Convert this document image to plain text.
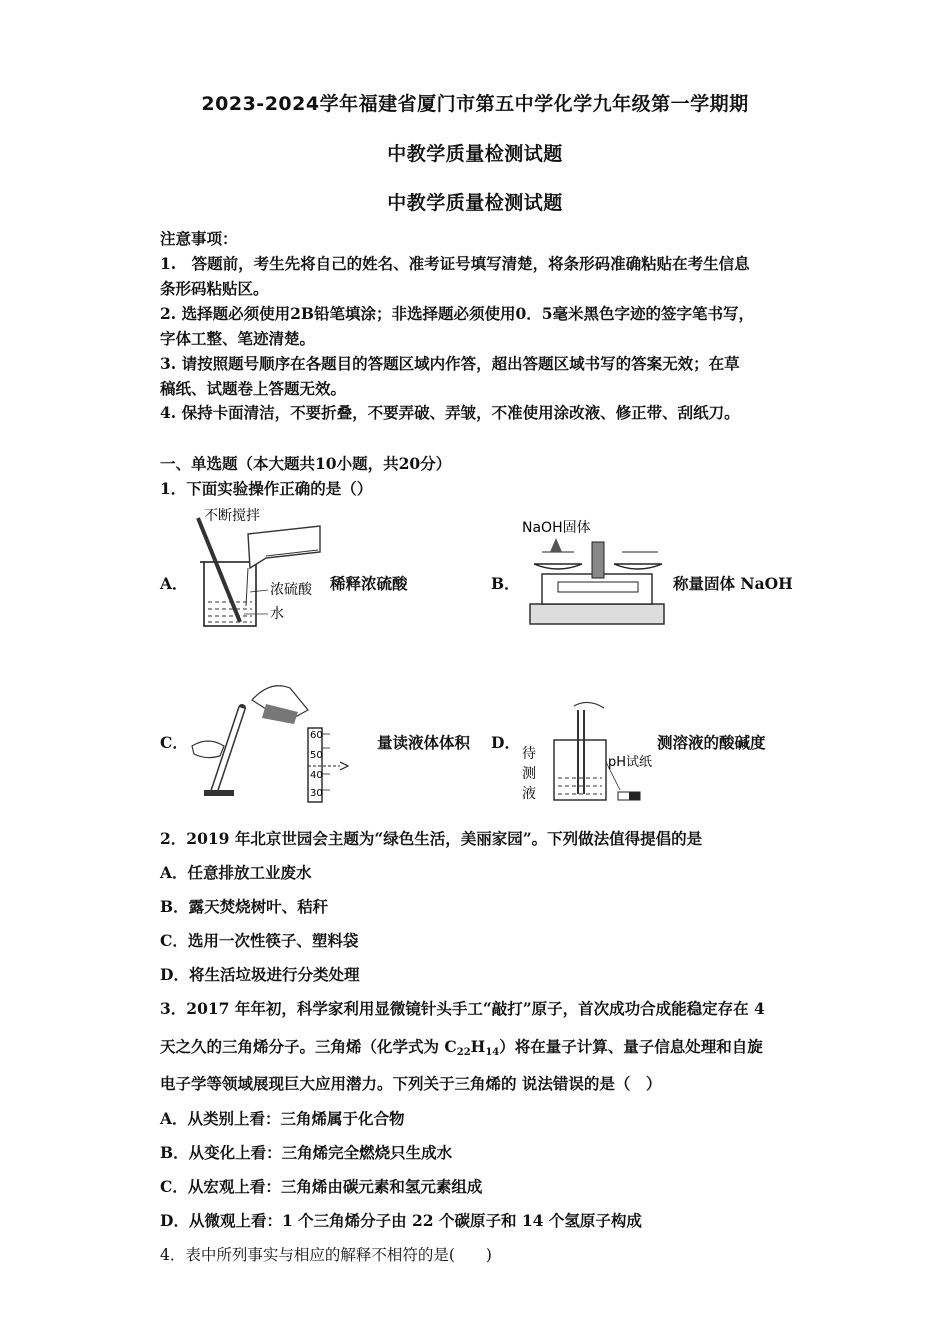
2023-2024学年福建省厦门市第五中学化学九年级第一学期期
中教学质量检测试题
中教学质量检测试题
注意事项：
1.　答题前，考生先将自己的姓名、准考证号填写清楚，将条形码准确粘贴在考生信息
条形码粘贴区。
2. 选择题必须使用2B铅笔填涂；非选择题必须使用0．5毫米黑色字迹的签字笔书写，
字体工整、笔迹清楚。
3. 请按照题号顺序在各题目的答题区域内作答，超出答题区域书写的答案无效；在草
稿纸、试题卷上答题无效。
4. 保持卡面清洁，不要折叠，不要弄破、弄皱，不准使用涂改液、修正带、刮纸刀。
一、单选题（本大题共10小题，共20分）
1．下面实验操作正确的是（）
A．
不断搅拌
浓硫酸
水
稀释浓硫酸	B．
NaOH固体
称量固体 NaOH
C．	60
50
40
30
量读液体体积 D．
待
测
液
pH试纸
测溶液的酸碱度
2．2019 年北京世园会主题为“绿色生活，美丽家园”。下列做法值得提倡的是
A．任意排放工业废水
B．露天焚烧树叶、秸秆
C．选用一次性筷子、塑料袋
D．将生活垃圾进行分类处理
3．2017 年年初，科学家利用显微镜针头手工“敲打”原子，首次成功合成能稳定存在 4
天之久的三角烯分子。三角烯（化学式为 $C_{22}H_{14}$）将在量子计算、量子信息处理和自旋
电子学等领域展现巨大应用潜力。下列关于三角烯的 说法错误的是（　）
A．从类别上看：三角烯属于化合物
B．从变化上看：三角烯完全燃烧只生成水
C．从宏观上看：三角烯由碳元素和氢元素组成
D．从微观上看：1 个三角烯分子由 22 个碳原子和 14 个氢原子构成
4．表中所列事实与相应的解释不相符的是(　　)
